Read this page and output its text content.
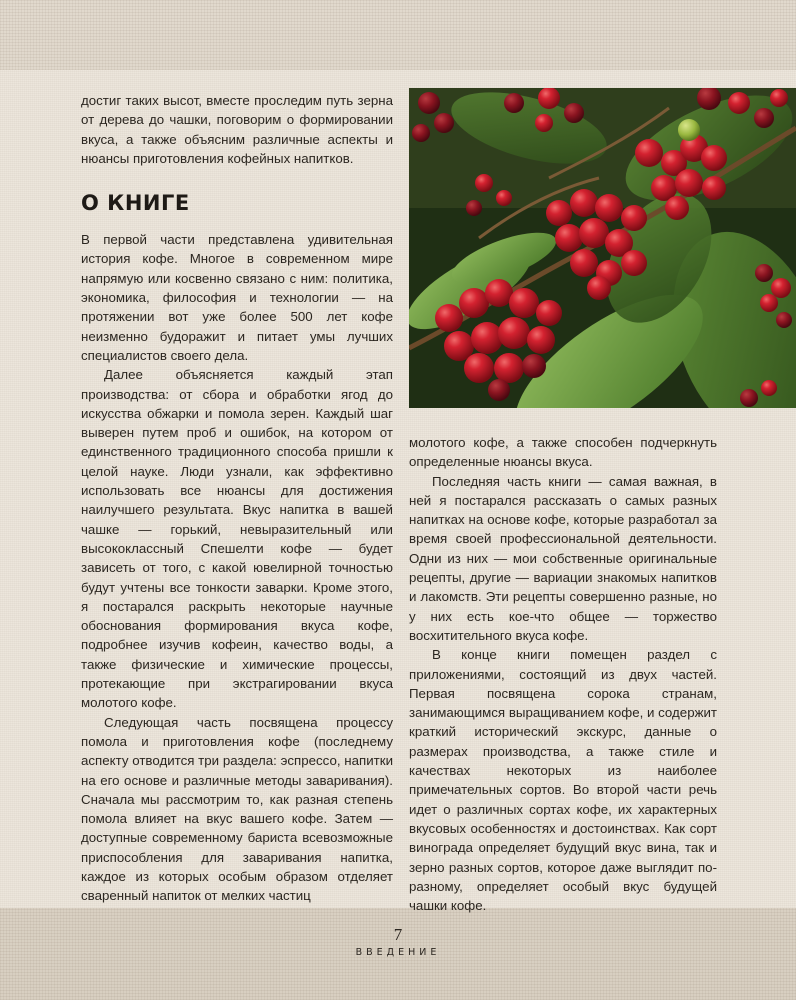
достиг таких высот, вместе проследим путь зерна от дерева до чашки, поговорим о формировании вкуса, а также объясним различные аспекты и нюансы приготовления кофейных напитков.

О КНИГЕ

В первой части представлена удивительная история кофе. Многое в современном мире напрямую или косвенно связано с ним: политика, экономика, философия и технологии — на протяжении вот уже более 500 лет кофе неизменно будоражит и питает умы лучших специалистов своего дела.

Далее объясняется каждый этап производства: от сбора и обработки ягод до искусства обжарки и помола зерен. Каждый шаг выверен путем проб и ошибок, на котором от единственного традиционного способа пришли к целой науке. Люди узнали, как эффективно использовать все нюансы для достижения наилучшего результата. Вкус напитка в вашей чашке — горький, невыразительный или высококлассный Спешелти кофе — будет зависеть от того, с какой ювелирной точностью будут учтены все тонкости заварки. Кроме этого, я постарался раскрыть некоторые научные обоснования формирования вкуса кофе, подробнее изучив кофеин, качество воды, а также физические и химические процессы, протекающие при экстрагировании вкуса молотого кофе.

Следующая часть посвящена процессу помола и приготовления кофе (последнему аспекту отводится три раздела: эспрессо, напитки на его основе и различные методы заваривания). Сначала мы рассмотрим то, как разная степень помола влияет на вкус вашего кофе. Затем — доступные современному баристa всевозможные приспособления для заваривания напитка, каждое из которых особым образом отделяет сваренный напиток от мелких частиц

молотого кофе, а также способен подчеркнуть определенные нюансы вкуса.

Последняя часть книги — самая важная, в ней я постарался рассказать о самых разных напитках на основе кофе, которые разработал за время своей профессиональной деятельности. Одни из них — мои собственные оригинальные рецепты, другие — вариации знакомых напитков и лакомств. Эти рецепты совершенно разные, но у них есть кое-что общее — торжество восхитительного вкуса кофе.

В конце книги помещен раздел с приложениями, состоящий из двух частей. Первая посвящена сорока странам, занимающимся выращиванием кофе, и содержит краткий исторический экскурс, данные о размерах производства, а также стиле и качествах некоторых из наиболее примечательных сортов. Во второй части речь идет о различных сортах кофе, их характерных вкусовых особенностях и достоинствах. Как сорт винограда определяет будущий вкус вина, так и зерно разных сортов, которое даже выглядит по-разному, определяет особый вкус будущей чашки кофе.

7
ВВЕДЕНИЕ
